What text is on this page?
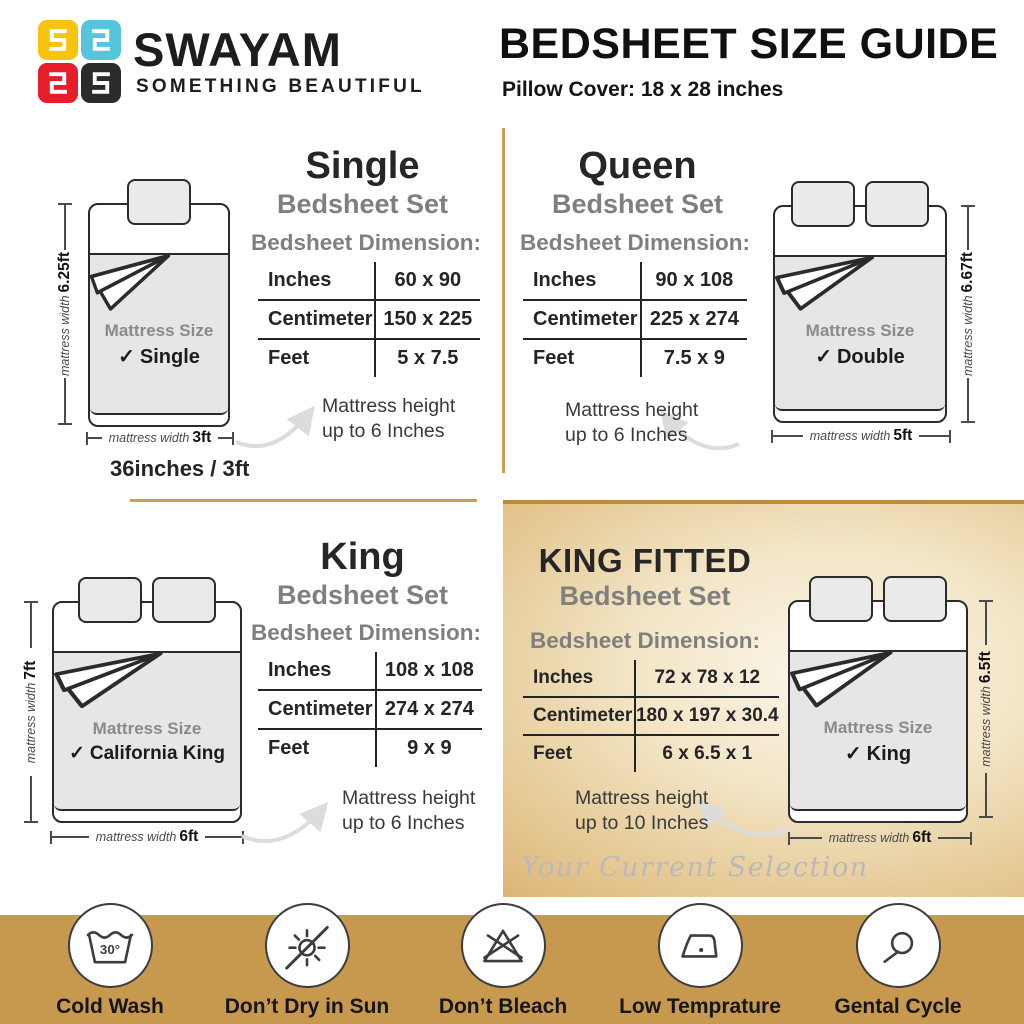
SWAYAM
SOMETHING BEAUTIFUL
BEDSHEET SIZE GUIDE
Pillow Cover: 18 x 28 inches
Single
Bedsheet Set
Bedsheet Dimension:
Inches	60 x 90
Centimeter 150 x 225
Feet	5 x 7.5
Mattress Size
✓ Single
mattress width6.25ft
mattress width 3ft
Mattress height
up to 6 Inches
36inches / 3ft
Queen
Bedsheet Set
Bedsheet Dimension:
Inches	90 x 108
Centimeter 225 x 274
Feet	7.5 x 9
Mattress Size
✓ Double	mattress width6.67ft
mattress width 5ft
Mattress height
up to 6 Inches
King
Bedsheet Set
Bedsheet Dimension:
Inches	108 x 108
Centimeter 274 x 274
Feet	9 x 9
Mattress Size
✓ California King
mattress width7ft
mattress width 6ft
Mattress height
up to 6 Inches
KING FITTED
Bedsheet Set
Bedsheet Dimension:
Inches	72 x 78 x 12
Centimeter 180 x 197 x 30.4
Feet	6 x 6.5 x 1
Mattress Size
✓ King	mattress width6.5ft
mattress width 6ft
Mattress height
up to 10 Inches
Your Current Selection
30°
Cold Wash	Don’t Dry in Sun	Don’t Bleach	Low Temprature	Gental Cycle
